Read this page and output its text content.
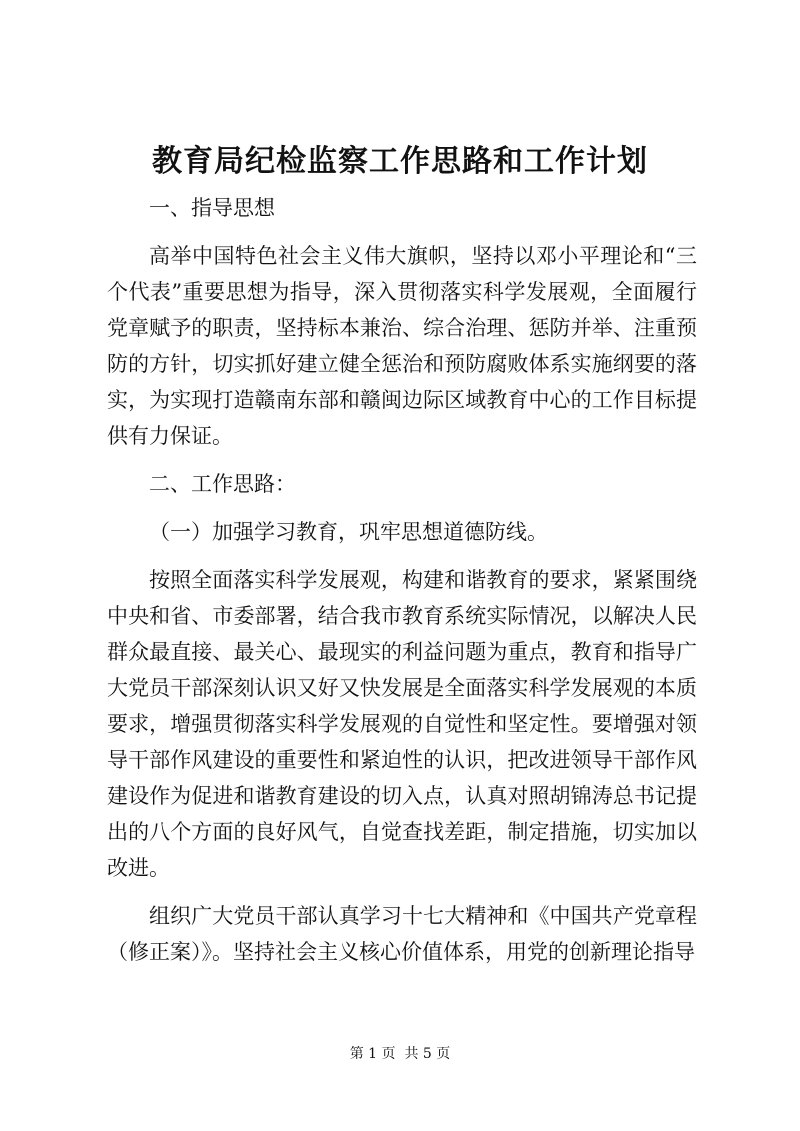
教育局纪检监察工作思路和工作计划

一、指导思想

高举中国特色社会主义伟大旗帜，坚持以邓小平理论和“三个代表”重要思想为指导，深入贯彻落实科学发展观，全面履行党章赋予的职责，坚持标本兼治、综合治理、惩防并举、注重预防的方针，切实抓好建立健全惩治和预防腐败体系实施纲要的落实，为实现打造赣南东部和赣闽边际区域教育中心的工作目标提供有力保证。

二、工作思路：

（一）加强学习教育，巩牢思想道德防线。

按照全面落实科学发展观，构建和谐教育的要求，紧紧围绕中央和省、市委部署，结合我市教育系统实际情况，以解决人民群众最直接、最关心、最现实的利益问题为重点，教育和指导广大党员干部深刻认识又好又快发展是全面落实科学发展观的本质要求，增强贯彻落实科学发展观的自觉性和坚定性。要增强对领导干部作风建设的重要性和紧迫性的认识，把改进领导干部作风建设作为促进和谐教育建设的切入点，认真对照胡锦涛总书记提出的八个方面的良好风气，自觉查找差距，制定措施，切实加以改进。

组织广大党员干部认真学习十七大精神和《中国共产党章程（修正案）》。坚持社会主义核心价值体系，用党的创新理论指导

第 1 页  共 5 页
